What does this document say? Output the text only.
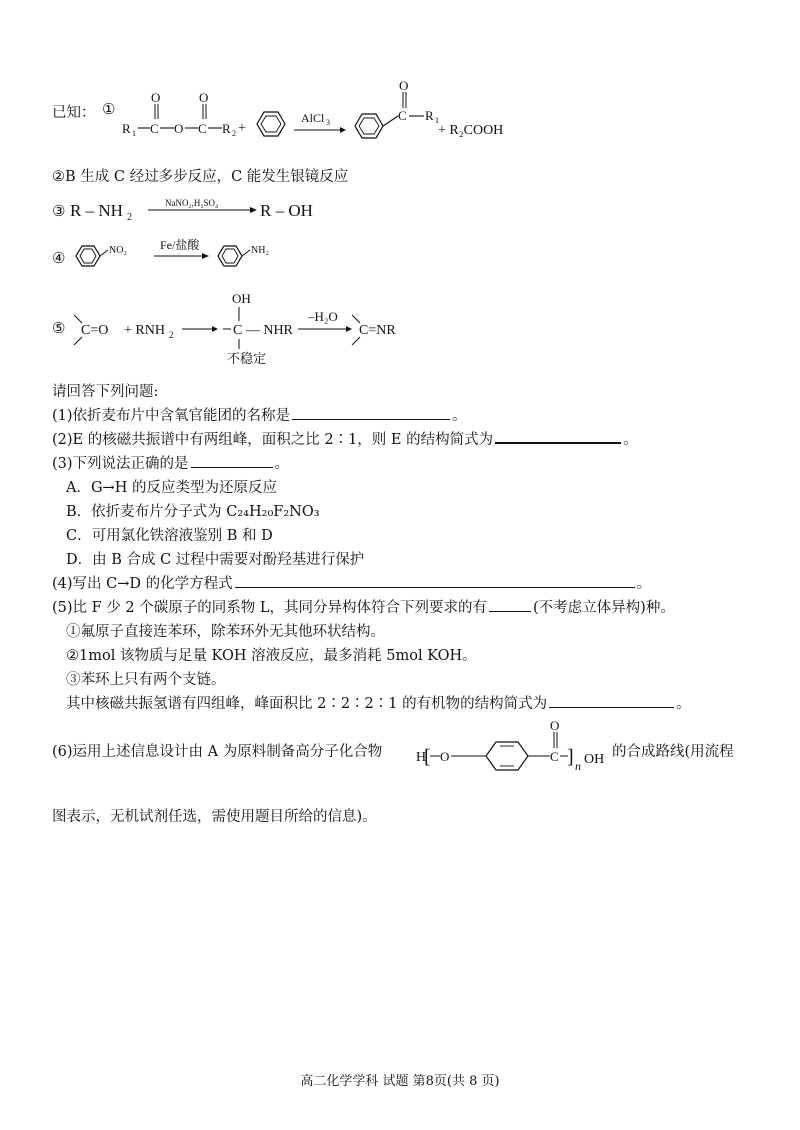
已知： ①
R 1 C
O
O C
O
R 2 +
AlCl 3	C
O
R 1
+ R₂COOH
②B 生成 C 经过多步反应，C 能发生银镜反应
③ R – NH 2
NaNO₂,H₂SO₄ R – OH
④
NO₂	Fe/盐酸	NH₂
⑤ C=O + RNH 2
OH
C — NHR
不稳定
–H₂O
C=NR
请回答下列问题:
(1)依折麦布片中含氧官能团的名称是	。
(2)E 的核磁共振谱中有两组峰，面积之比 2∶1，则 E 的结构简式为	。
(3)下列说法正确的是	。
A．G→H 的反应类型为还原反应
B．依折麦布片分子式为 C₂₄H₂₀F₂NO₃
C．可用氯化铁溶液鉴别 B 和 D
D．由 B 合成 C 过程中需要对酚羟基进行保护
(4)写出 C→D 的化学方程式	。
(5)比 F 少 2 个碳原子的同系物 L，其同分异构体符合下列要求的有	(不考虑立体异构)种。
①氟原子直接连苯环，除苯环外无其他环状结构。
②1mol 该物质与足量 KOH 溶液反应，最多消耗 5mol KOH。
③苯环上只有两个支链。
其中核磁共振氢谱有四组峰，峰面积比 2∶2∶2∶1 的有机物的结构简式为	。
(6)运用上述信息设计由 A 为原料制备高分子化合物 H
[ O	C
O
] n OH 的合成路线(用流程
图表示，无机试剂任选，需使用题目所给的信息)。
高二化学学科 试题 第8页(共 8 页)
